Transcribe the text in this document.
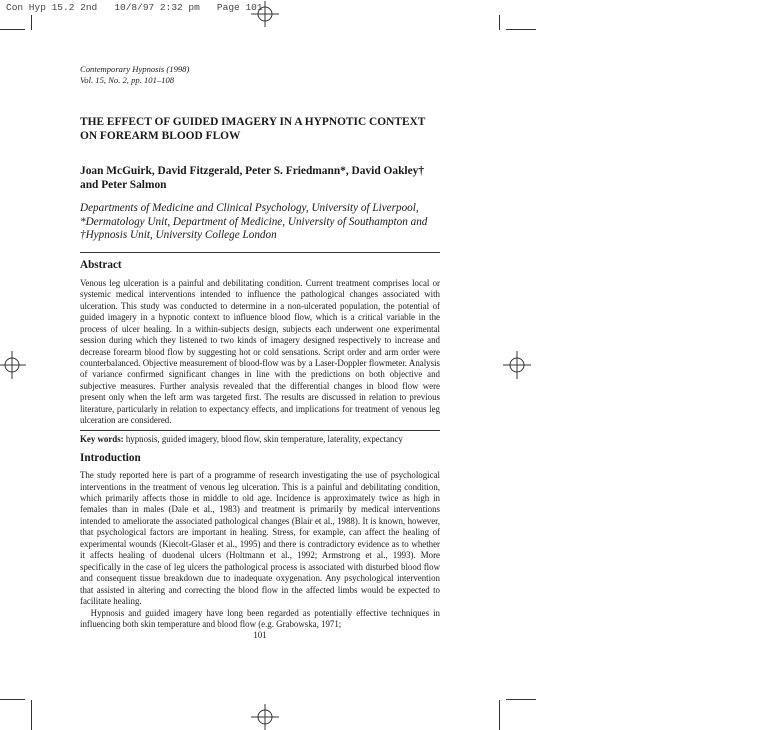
Con Hyp 15.2 2nd   10/8/97 2:32 pm   Page 101
Contemporary Hypnosis (1998)
Vol. 15, No. 2, pp. 101–108
THE EFFECT OF GUIDED IMAGERY IN A HYPNOTIC CONTEXT ON FOREARM BLOOD FLOW
Joan McGuirk, David Fitzgerald, Peter S. Friedmann*, David Oakley† and Peter Salmon
Departments of Medicine and Clinical Psychology, University of Liverpool, *Dermatology Unit, Department of Medicine, University of Southampton and †Hypnosis Unit, University College London
Abstract
Venous leg ulceration is a painful and debilitating condition. Current treatment comprises local or systemic medical interventions intended to influence the pathological changes associated with ulceration. This study was conducted to determine in a non-ulcerated population, the potential of guided imagery in a hypnotic context to influence blood flow, which is a critical variable in the process of ulcer healing. In a within-subjects design, subjects each underwent one experimental session during which they listened to two kinds of imagery designed respectively to increase and decrease forearm blood flow by suggesting hot or cold sensations. Script order and arm order were counterbalanced. Objective measurement of blood-flow was by a Laser-Doppler flowmeter. Analysis of variance confirmed significant changes in line with the predictions on both objective and subjective measures. Further analysis revealed that the differential changes in blood flow were present only when the left arm was targeted first. The results are discussed in relation to previous literature, particularly in relation to expectancy effects, and implications for treatment of venous leg ulceration are considered.
Key words: hypnosis, guided imagery, blood flow, skin temperature, laterality, expectancy
Introduction

The study reported here is part of a programme of research investigating the use of psychological interventions in the treatment of venous leg ulceration. This is a painful and debilitating condition, which primarily affects those in middle to old age. Incidence is approximately twice as high in females than in males (Dale et al., 1983) and treatment is primarily by medical interventions intended to ameliorate the associated pathological changes (Blair et al., 1988). It is known, however, that psychological factors are important in healing. Stress, for example, can affect the healing of experimental wounds (Kiecolt-Glaser et al., 1995) and there is contradictory evidence as to whether it affects healing of duodenal ulcers (Holtmann et al., 1992; Armstrong et al., 1993). More specifically in the case of leg ulcers the pathological process is associated with disturbed blood flow and consequent tissue breakdown due to inadequate oxygenation. Any psychological intervention that assisted in altering and correcting the blood flow in the affected limbs would be expected to facilitate healing.

Hypnosis and guided imagery have long been regarded as potentially effective techniques in influencing both skin temperature and blood flow (e.g. Grabowska, 1971;

101
